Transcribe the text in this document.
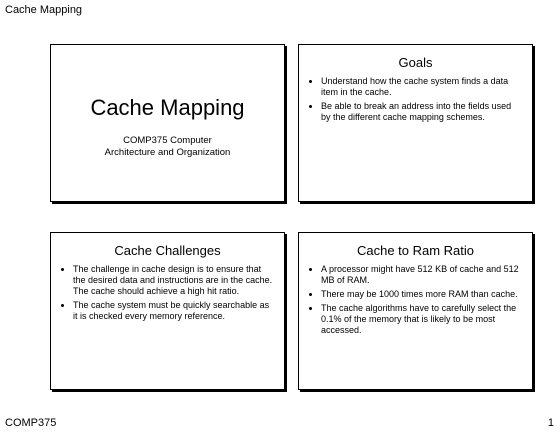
Cache Mapping
Cache Mapping
COMP375 Computer Architecture and Organization
Goals
• Understand how the cache system finds a data item in the cache.
• Be able to break an address into the fields used by the different cache mapping schemes.
Cache Challenges
• The challenge in cache design is to ensure that the desired data and instructions are in the cache. The cache should achieve a high hit ratio.
• The cache system must be quickly searchable as it is checked every memory reference.
Cache to Ram Ratio
• A processor might have 512 KB of cache and 512 MB of RAM.
• There may be 1000 times more RAM than cache.
• The cache algorithms have to carefully select the 0.1% of the memory that is likely to be most accessed.
COMP375	1
